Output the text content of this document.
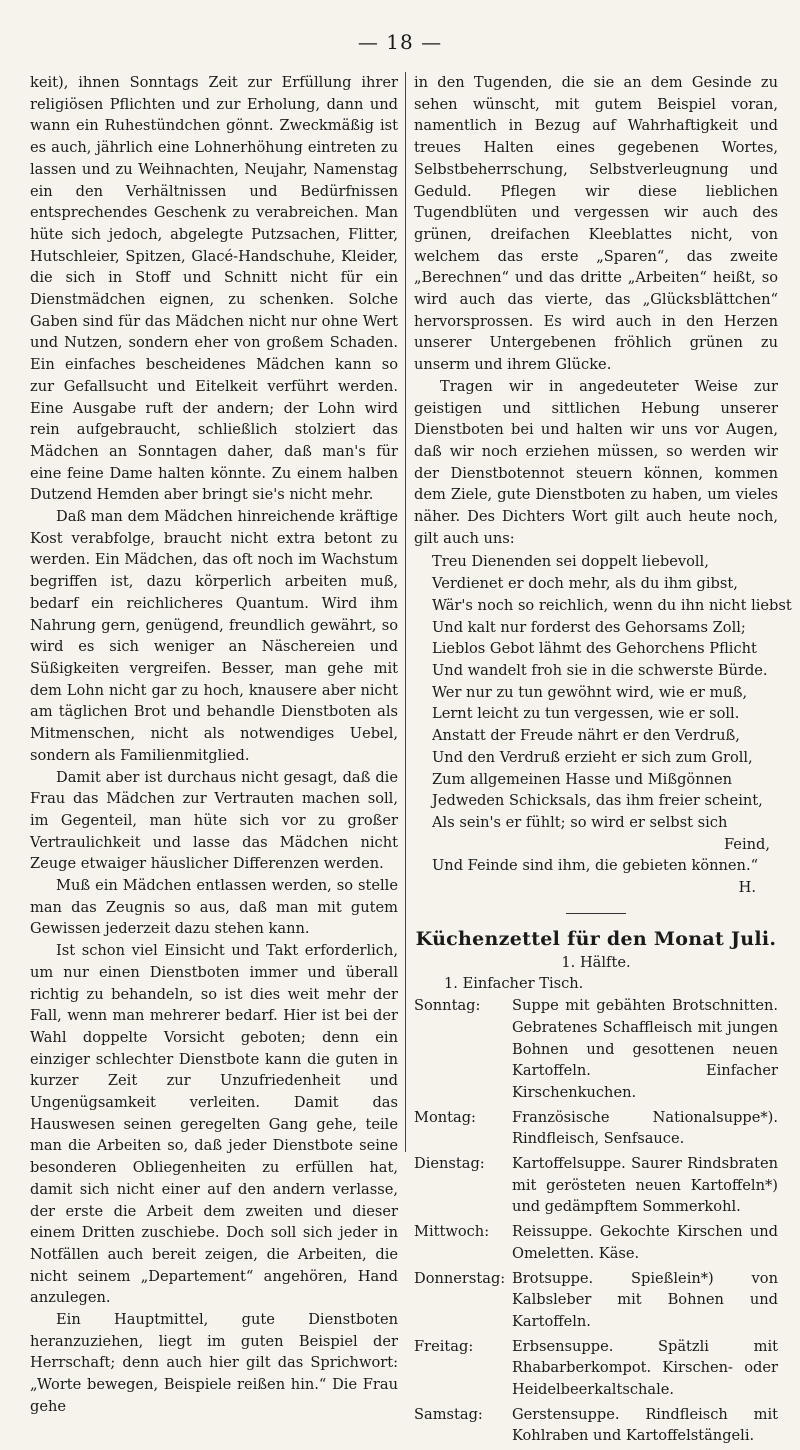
— 18 —

keit), ihnen Sonntags Zeit zur Erfüllung ihrer religiösen Pflichten und zur Erholung, dann und wann ein Ruhestündchen gönnt. Zweckmäßig ist es auch, jährlich eine Lohnerhöhung eintreten zu lassen und zu Weihnachten, Neujahr, Namenstag ein den Verhältnissen und Bedürfnissen entsprechendes Geschenk zu verabreichen. Man hüte sich jedoch, abgelegte Putzsachen, Flitter, Hutschleier, Spitzen, Glacé-Handschuhe, Kleider, die sich in Stoff und Schnitt nicht für ein Dienstmädchen eignen, zu schenken. Solche Gaben sind für das Mädchen nicht nur ohne Wert und Nutzen, sondern eher von großem Schaden. Ein einfaches bescheidenes Mädchen kann so zur Gefallsucht und Eitelkeit verführt werden. Eine Ausgabe ruft der andern; der Lohn wird rein aufgebraucht, schließlich stolziert das Mädchen an Sonntagen daher, daß man's für eine feine Dame halten könnte. Zu einem halben Dutzend Hemden aber bringt sie's nicht mehr.

Daß man dem Mädchen hinreichende kräftige Kost verabfolge, braucht nicht extra betont zu werden. Ein Mädchen, das oft noch im Wachstum begriffen ist, dazu körperlich arbeiten muß, bedarf ein reichlicheres Quantum. Wird ihm Nahrung gern, genügend, freundlich gewährt, so wird es sich weniger an Näschereien und Süßigkeiten vergreifen. Besser, man gehe mit dem Lohn nicht gar zu hoch, knausere aber nicht am täglichen Brot und behandle Dienstboten als Mitmenschen, nicht als notwendiges Uebel, sondern als Familienmitglied.

Damit aber ist durchaus nicht gesagt, daß die Frau das Mädchen zur Vertrauten machen soll, im Gegenteil, man hüte sich vor zu großer Vertraulichkeit und lasse das Mädchen nicht Zeuge etwaiger häuslicher Differenzen werden.

Muß ein Mädchen entlassen werden, so stelle man das Zeugnis so aus, daß man mit gutem Gewissen jederzeit dazu stehen kann.

Ist schon viel Einsicht und Takt erforderlich, um nur einen Dienstboten immer und überall richtig zu behandeln, so ist dies weit mehr der Fall, wenn man mehrerer bedarf. Hier ist bei der Wahl doppelte Vorsicht geboten; denn ein einziger schlechter Dienstbote kann die guten in kurzer Zeit zur Unzufriedenheit und Ungenügsamkeit verleiten. Damit das Hauswesen seinen geregelten Gang gehe, teile man die Arbeiten so, daß jeder Dienstbote seine besonderen Obliegenheiten zu erfüllen hat, damit sich nicht einer auf den andern verlasse, der erste die Arbeit dem zweiten und dieser einem Dritten zuschiebe. Doch soll sich jeder in Notfällen auch bereit zeigen, die Arbeiten, die nicht seinem „Departement“ angehören, Hand anzulegen.

Ein Hauptmittel, gute Dienstboten heranzuziehen, liegt im guten Beispiel der Herrschaft; denn auch hier gilt das Sprichwort: „Worte bewegen, Beispiele reißen hin.“ Die Frau gehe

in den Tugenden, die sie an dem Gesinde zu sehen wünscht, mit gutem Beispiel voran, namentlich in Bezug auf Wahrhaftigkeit und treues Halten eines gegebenen Wortes, Selbstbeherrschung, Selbstverleugnung und Geduld. Pflegen wir diese lieblichen Tugendblüten und vergessen wir auch des grünen, dreifachen Kleeblattes nicht, von welchem das erste „Sparen“, das zweite „Berechnen“ und das dritte „Arbeiten“ heißt, so wird auch das vierte, das „Glücksblättchen“ hervorsprossen. Es wird auch in den Herzen unserer Untergebenen fröhlich grünen zu unserm und ihrem Glücke.

Tragen wir in angedeuteter Weise zur geistigen und sittlichen Hebung unserer Dienstboten bei und halten wir uns vor Augen, daß wir noch erziehen müssen, so werden wir der Dienstbotennot steuern können, kommen dem Ziele, gute Dienstboten zu haben, um vieles näher. Des Dichters Wort gilt auch heute noch, gilt auch uns:

Treu Dienenden sei doppelt liebevoll,
Verdienet er doch mehr, als du ihm gibst,
Wär's noch so reichlich, wenn du ihn nicht liebst
Und kalt nur forderst des Gehorsams Zoll;
Lieblos Gebot lähmt des Gehorchens Pflicht
Und wandelt froh sie in die schwerste Bürde.
Wer nur zu tun gewöhnt wird, wie er muß,
Lernt leicht zu tun vergessen, wie er soll.
Anstatt der Freude nährt er den Verdruß,
Und den Verdruß erzieht er sich zum Groll,
Zum allgemeinen Hasse und Mißgönnen
Jedweden Schicksals, das ihm freier scheint,
Als sein's er fühlt; so wird er selbst sich
Feind,
Und Feinde sind ihm, die gebieten können.“
H.
Küchenzettel für den Monat Juli.
1. Hälfte.
1. Einfacher Tisch.
Sonntag:	Suppe mit gebähten Brotschnitten. Gebratenes Schaffleisch mit jungen Bohnen und gesottenen neuen Kartoffeln. Einfacher Kirschenkuchen.
Montag:	Französische Nationalsuppe*). Rindfleisch, Senfsauce.
Dienstag:	Kartoffelsuppe. Saurer Rindsbraten mit gerösteten neuen Kartoffeln*) und gedämpftem Sommerkohl.
Mittwoch:	Reissuppe. Gekochte Kirschen und Omeletten. Käse.
Donnerstag: Brotsuppe. Spießlein*) von Kalbsleber mit Bohnen und Kartoffeln.
Freitag:	Erbsensuppe. Spätzli mit Rhabarberkompot. Kirschen- oder Heidelbeerkaltschale.
Samstag:	Gerstensuppe. Rindfleisch mit Kohlraben und Kartoffelstängeli.
